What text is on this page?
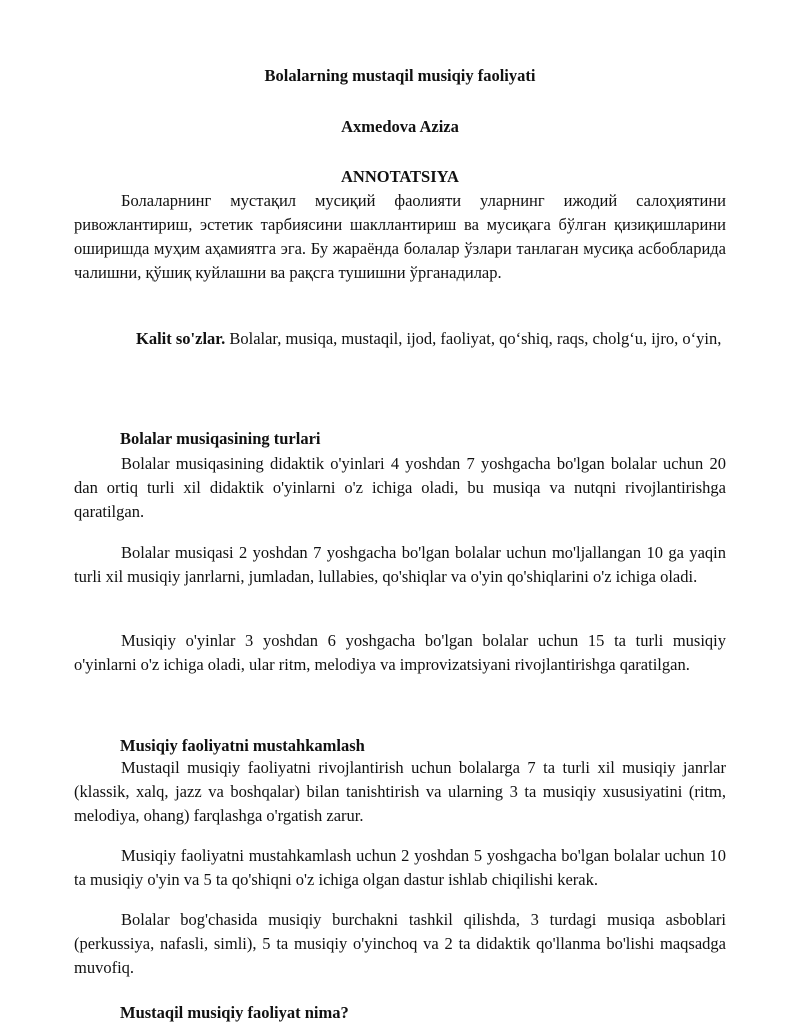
Bolalarning mustaqil musiqiy faoliyati

Axmedova Aziza

ANNOTATSIYA

Болаларнинг мустақил мусиқий фаолияти уларнинг ижодий салоҳиятини ривожлантириш, эстетик тарбиясини шакллантириш ва мусиқага бўлган қизиқишларини оширишда муҳим аҳамиятга эга. Бу жараёнда болалар ўзлари танлаган мусиқа асбобларида чалишни, қўшиқ куйлашни ва рақсга тушишни ўрганадилар.

Kalit so'zlar. Bolalar, musiqa, mustaqil, ijod, faoliyat, qo‘shiq, raqs, cholg‘u, ijro, o‘yin,

Bolalar musiqasining turlari

Bolalar musiqasining didaktik o'yinlari 4 yoshdan 7 yoshgacha bo'lgan bolalar uchun 20 dan ortiq turli xil didaktik o'yinlarni o'z ichiga oladi, bu musiqa va nutqni rivojlantirishga qaratilgan.

Bolalar musiqasi 2 yoshdan 7 yoshgacha bo'lgan bolalar uchun mo'ljallangan 10 ga yaqin turli xil musiqiy janrlarni, jumladan, lullabies, qo'shiqlar va o'yin qo'shiqlarini o'z ichiga oladi.

Musiqiy o'yinlar 3 yoshdan 6 yoshgacha bo'lgan bolalar uchun 15 ta turli musiqiy o'yinlarni o'z ichiga oladi, ular ritm, melodiya va improvizatsiyani rivojlantirishga qaratilgan.

Musiqiy faoliyatni mustahkamlash

Mustaqil musiqiy faoliyatni rivojlantirish uchun bolalarga 7 ta turli xil musiqiy janrlar (klassik, xalq, jazz va boshqalar) bilan tanishtirish va ularning 3 ta musiqiy xususiyatini (ritm, melodiya, ohang) farqlashga o'rgatish zarur.

Musiqiy faoliyatni mustahkamlash uchun 2 yoshdan 5 yoshgacha bo'lgan bolalar uchun 10 ta musiqiy o'yin va 5 ta qo'shiqni o'z ichiga olgan dastur ishlab chiqilishi kerak.

Bolalar bog'chasida musiqiy burchakni tashkil qilishda, 3 turdagi musiqa asboblari (perkussiya, nafasli, simli), 5 ta musiqiy o'yinchoq va 2 ta didaktik qo'llanma bo'lishi maqsadga muvofiq.

Mustaqil musiqiy faoliyat nima?
